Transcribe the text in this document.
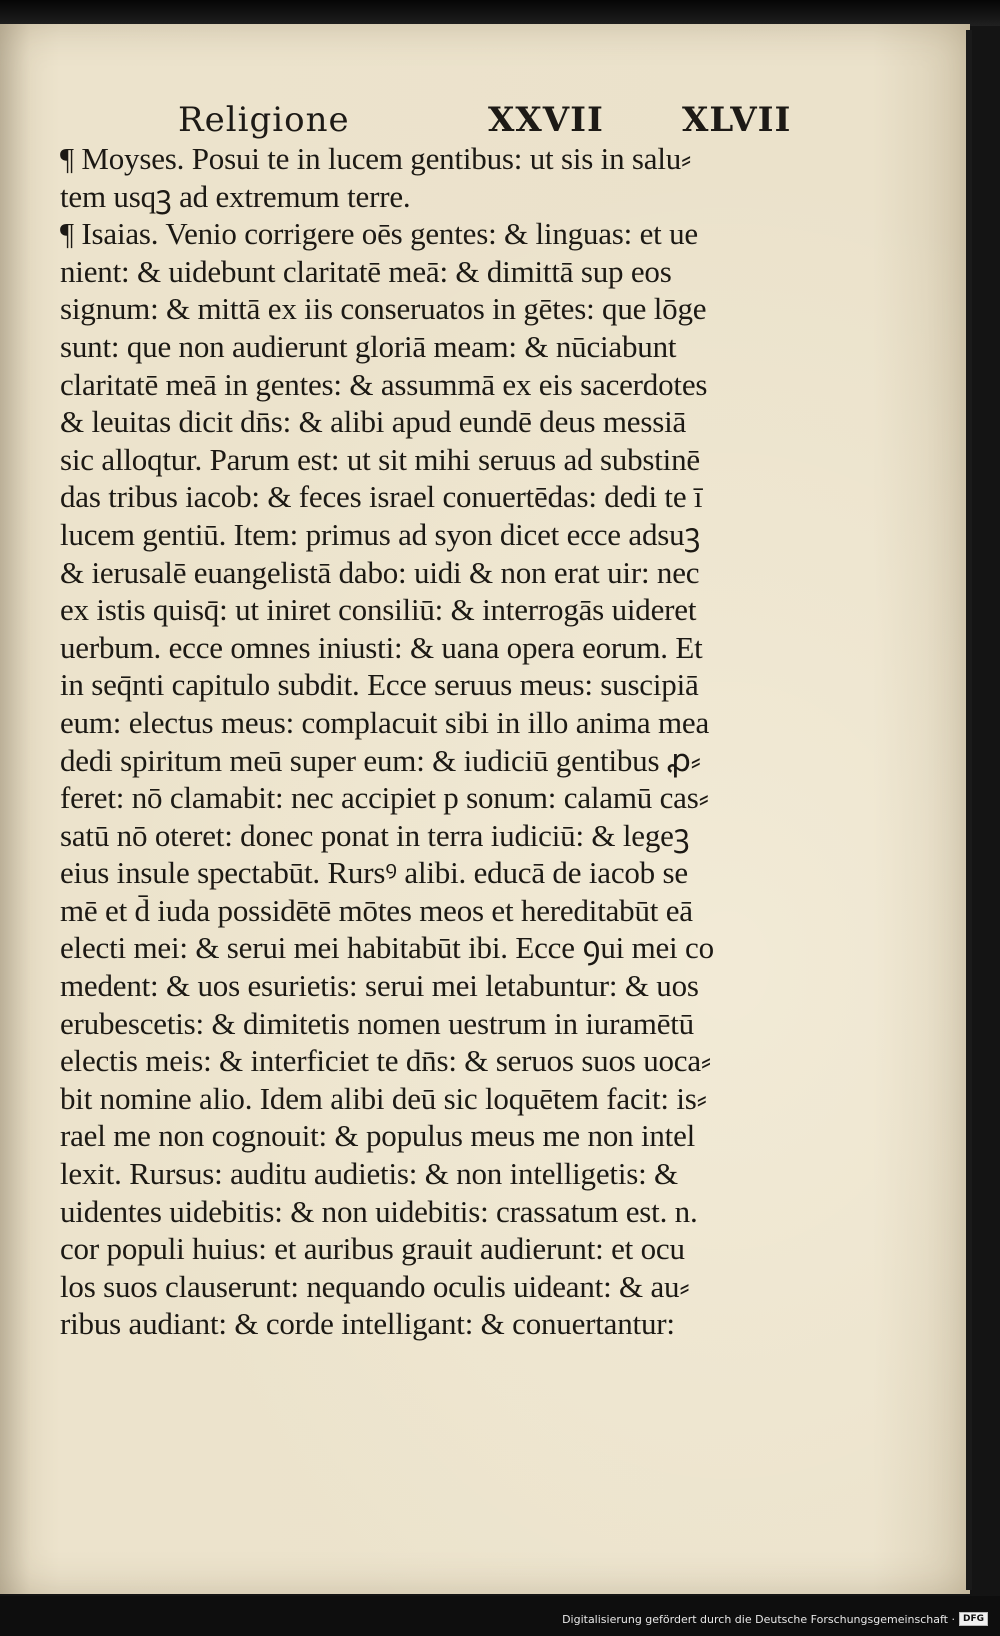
Religione	XXVII XLVII
¶ Moyses. Posui te in lucem gentibus: ut sis in salu⸗
tem usqꝫ ad extremum terre.
¶ Isaias. Venio corrigere oēs gentes: & linguas: et ue
nient: & uidebunt claritatē meā: & dimittā sup eos
signum: & mittā ex iis conseruatos in gētes: que lōge
sunt: que non audierunt gloriā meam: & nūciabunt
claritatē meā in gentes: & assummā ex eis sacerdotes
& leuitas dicit dn̄s: & alibi apud eundē deus messiā
sic alloqtur. Parum est: ut sit mihi seruus ad substinē
das tribus iacob: & feces israel conuertēdas: dedi te ī
lucem gentiū. Item: primus ad syon dicet ecce adsuꝫ
& ierusalē euangelistā dabo: uidi & non erat uir: nec
ex istis quisq̄: ut iniret consiliū: & interrogās uideret
uerbum. ecce omnes iniusti: & uana opera eorum. Et
in seq̄nti capitulo subdit. Ecce seruus meus: suscipiā
eum: electus meus: complacuit sibi in illo anima mea
dedi spiritum meū super eum: & iudiciū gentibus ꝓ⸗
feret: nō clamabit: nec accipiet p sonum: calamū cas⸗
satū nō oteret: donec ponat in terra iudiciū: & legeꝫ
eius insule spectabūt. Rursꝰ alibi. educā de iacob se
mē et d̄ iuda possidētē mōtes meos et hereditabūt eā
electi mei: & serui mei habitabūt ibi. Ecce ꝯui mei co
medent: & uos esurietis: serui mei letabuntur: & uos
erubescetis: & dimitetis nomen uestrum in iuramētū
electis meis: & interficiet te dn̄s: & seruos suos uoca⸗
bit nomine alio. Idem alibi deū sic loquētem facit: is⸗
rael me non cognouit: & populus meus me non intel
lexit. Rursus: auditu audietis: & non intelligetis: &
uidentes uidebitis: & non uidebitis: crassatum est. n.
cor populi huius: et auribus grauit audierunt: et ocu
los suos clauserunt: nequando oculis uideant: & au⸗
ribus audiant: & corde intelligant: & conuertantur:
Digitalisierung gefördert durch die Deutsche Forschungsgemeinschaft · DFG
